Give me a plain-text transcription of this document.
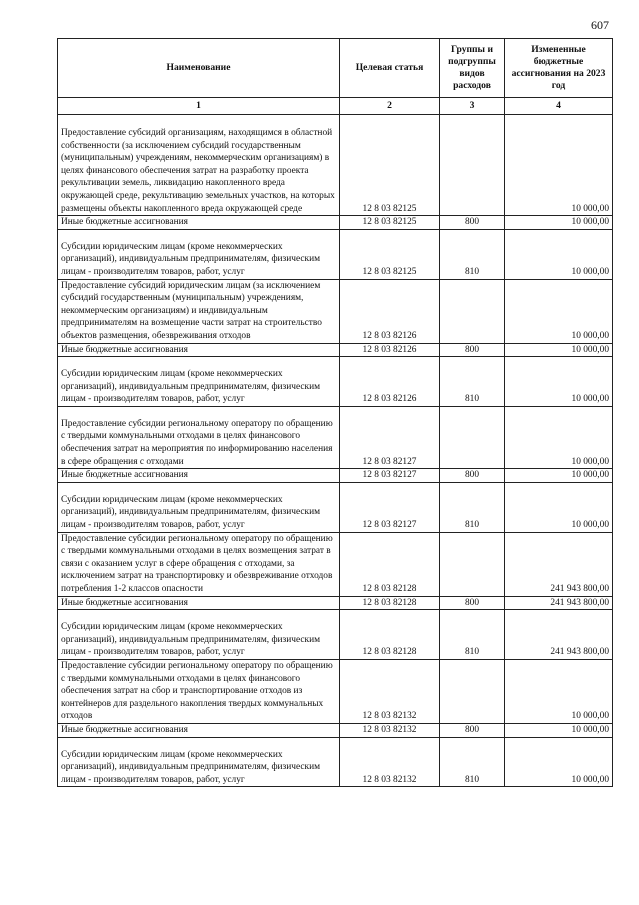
607
Наименование	Целевая статья	Группы и подгруппы видов расходов	Измененные бюджетные ассигнования на 2023 год
1	2	3	4
Предоставление субсидий организациям, находящимся в областной собственности (за исключением субсидий государственным (муниципальным) учреждениям, некоммерческим организациям) в целях финансового обеспечения затрат на разработку проекта рекультивации земель, ликвидацию накопленного вреда окружающей среде, рекультивацию земельных участков, на которых размещены объекты накопленного вреда окружающей среде	12 8 03 82125		10 000,00
Иные бюджетные ассигнования	12 8 03 82125	800	10 000,00
Субсидии юридическим лицам (кроме некоммерческих организаций), индивидуальным предпринимателям, физическим лицам - производителям товаров, работ, услуг	12 8 03 82125	810	10 000,00
Предоставление субсидий юридическим лицам (за исключением субсидий государственным (муниципальным) учреждениям, некоммерческим организациям) и индивидуальным предпринимателям на возмещение части затрат на строительство объектов размещения, обезвреживания отходов	12 8 03 82126		10 000,00
Иные бюджетные ассигнования	12 8 03 82126	800	10 000,00
Субсидии юридическим лицам (кроме некоммерческих организаций), индивидуальным предпринимателям, физическим лицам - производителям товаров, работ, услуг	12 8 03 82126	810	10 000,00
Предоставление субсидии региональному оператору по обращению с твердыми коммунальными отходами в целях финансового обеспечения затрат на мероприятия по информированию населения в сфере обращения с отходами	12 8 03 82127		10 000,00
Иные бюджетные ассигнования	12 8 03 82127	800	10 000,00
Субсидии юридическим лицам (кроме некоммерческих организаций), индивидуальным предпринимателям, физическим лицам - производителям товаров, работ, услуг	12 8 03 82127	810	10 000,00
Предоставление субсидии региональному оператору по обращению с твердыми коммунальными отходами в целях возмещения затрат в связи с оказанием услуг в сфере обращения с отходами, за исключением затрат на транспортировку и обезвреживание отходов потребления 1-2 классов опасности	12 8 03 82128		241 943 800,00
Иные бюджетные ассигнования	12 8 03 82128	800	241 943 800,00
Субсидии юридическим лицам (кроме некоммерческих организаций), индивидуальным предпринимателям, физическим лицам - производителям товаров, работ, услуг	12 8 03 82128	810	241 943 800,00
Предоставление субсидии региональному оператору по обращению с твердыми коммунальными отходами в целях финансового обеспечения затрат на сбор и транспортирование отходов из контейнеров для раздельного накопления твердых коммунальных отходов	12 8 03 82132		10 000,00
Иные бюджетные ассигнования	12 8 03 82132	800	10 000,00
Субсидии юридическим лицам (кроме некоммерческих организаций), индивидуальным предпринимателям, физическим лицам - производителям товаров, работ, услуг	12 8 03 82132	810	10 000,00
